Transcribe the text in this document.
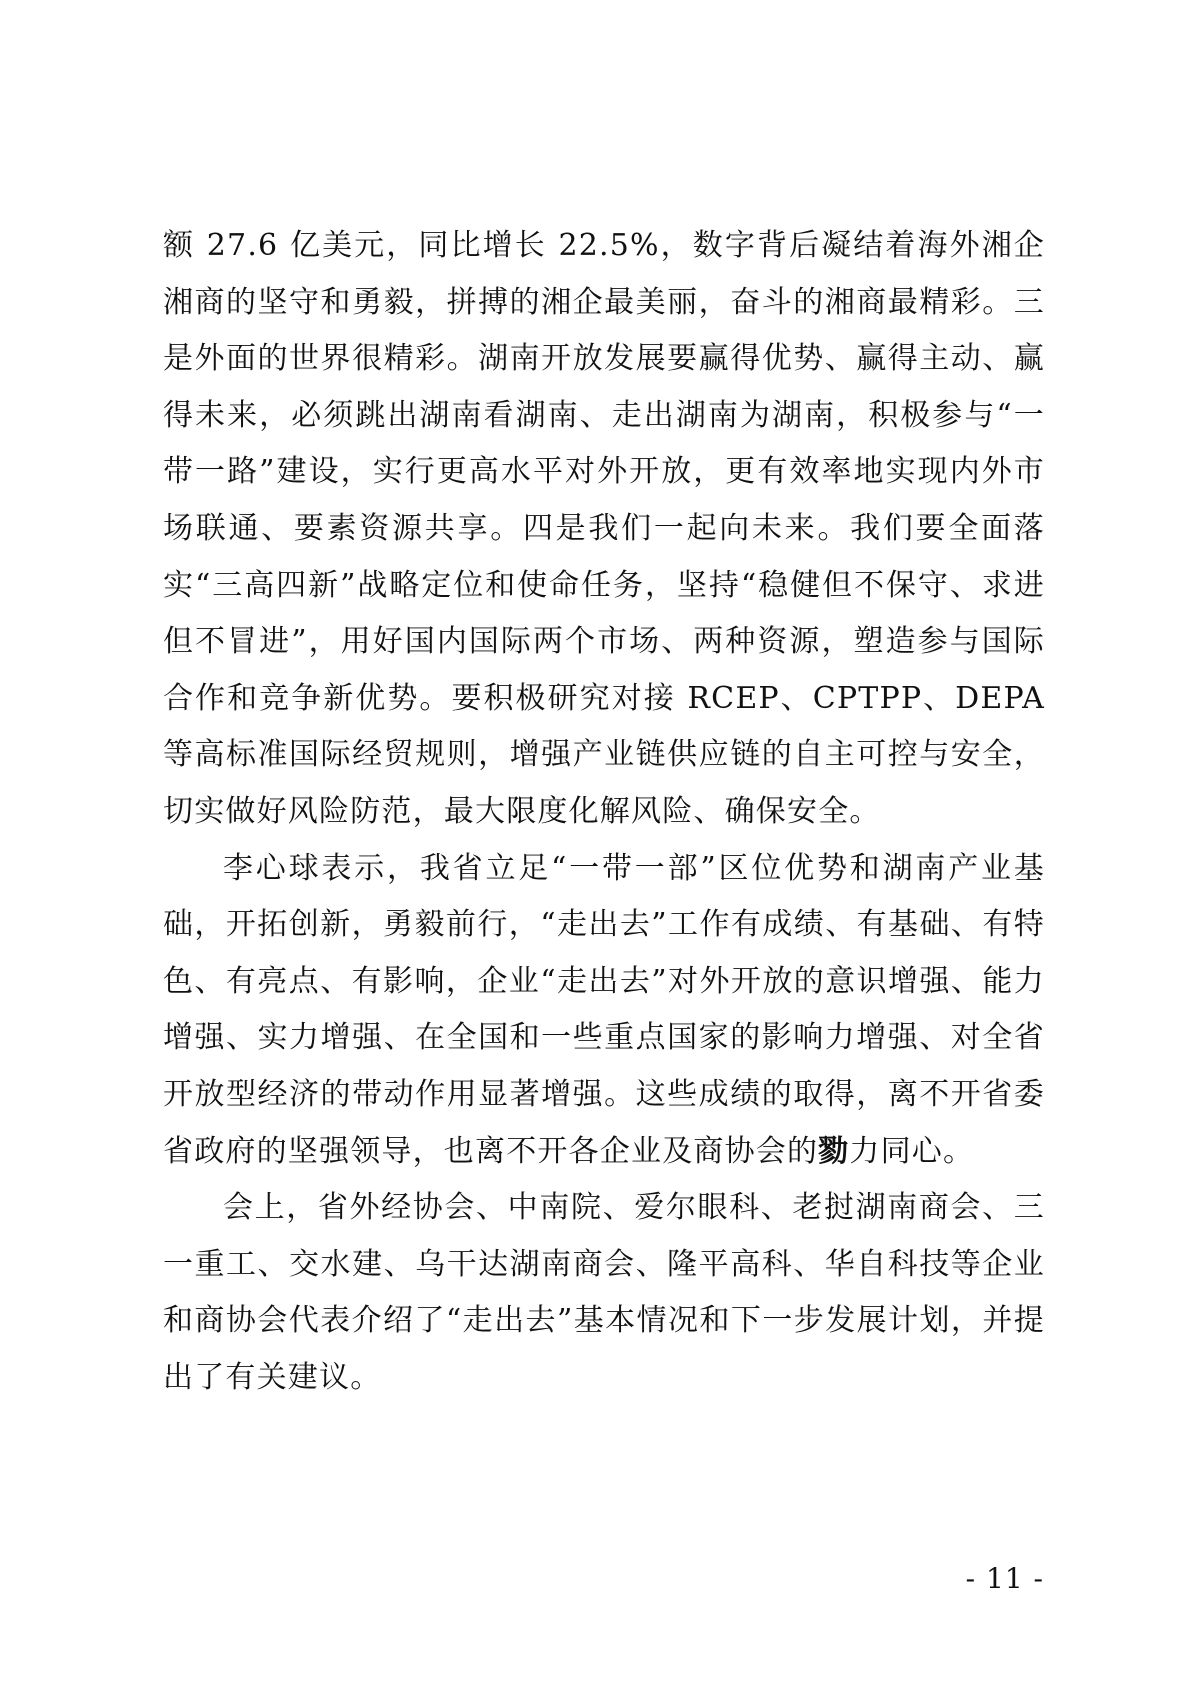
额 27.6 亿美元，同比增长 22.5%，数字背后凝结着海外湘企湘商的坚守和勇毅，拼搏的湘企最美丽，奋斗的湘商最精彩。三是外面的世界很精彩。湖南开放发展要赢得优势、赢得主动、赢得未来，必须跳出湖南看湖南、走出湖南为湖南，积极参与“一带一路”建设，实行更高水平对外开放，更有效率地实现内外市场联通、要素资源共享。四是我们一起向未来。我们要全面落实“三高四新”战略定位和使命任务，坚持“稳健但不保守、求进但不冒进”，用好国内国际两个市场、两种资源，塑造参与国际合作和竞争新优势。要积极研究对接 RCEP、CPTPP、DEPA 等高标准国际经贸规则，增强产业链供应链的自主可控与安全，切实做好风险防范，最大限度化解风险、确保安全。

李心球表示，我省立足“一带一部”区位优势和湖南产业基础，开拓创新，勇毅前行，“走出去”工作有成绩、有基础、有特色、有亮点、有影响，企业“走出去”对外开放的意识增强、能力增强、实力增强、在全国和一些重点国家的影响力增强、对全省开放型经济的带动作用显著增强。这些成绩的取得，离不开省委省政府的坚强领导，也离不开各企业及商协会的勠力同心。

会上，省外经协会、中南院、爱尔眼科、老挝湖南商会、三一重工、交水建、乌干达湖南商会、隆平高科、华自科技等企业和商协会代表介绍了“走出去”基本情况和下一步发展计划，并提出了有关建议。

- 11 -
